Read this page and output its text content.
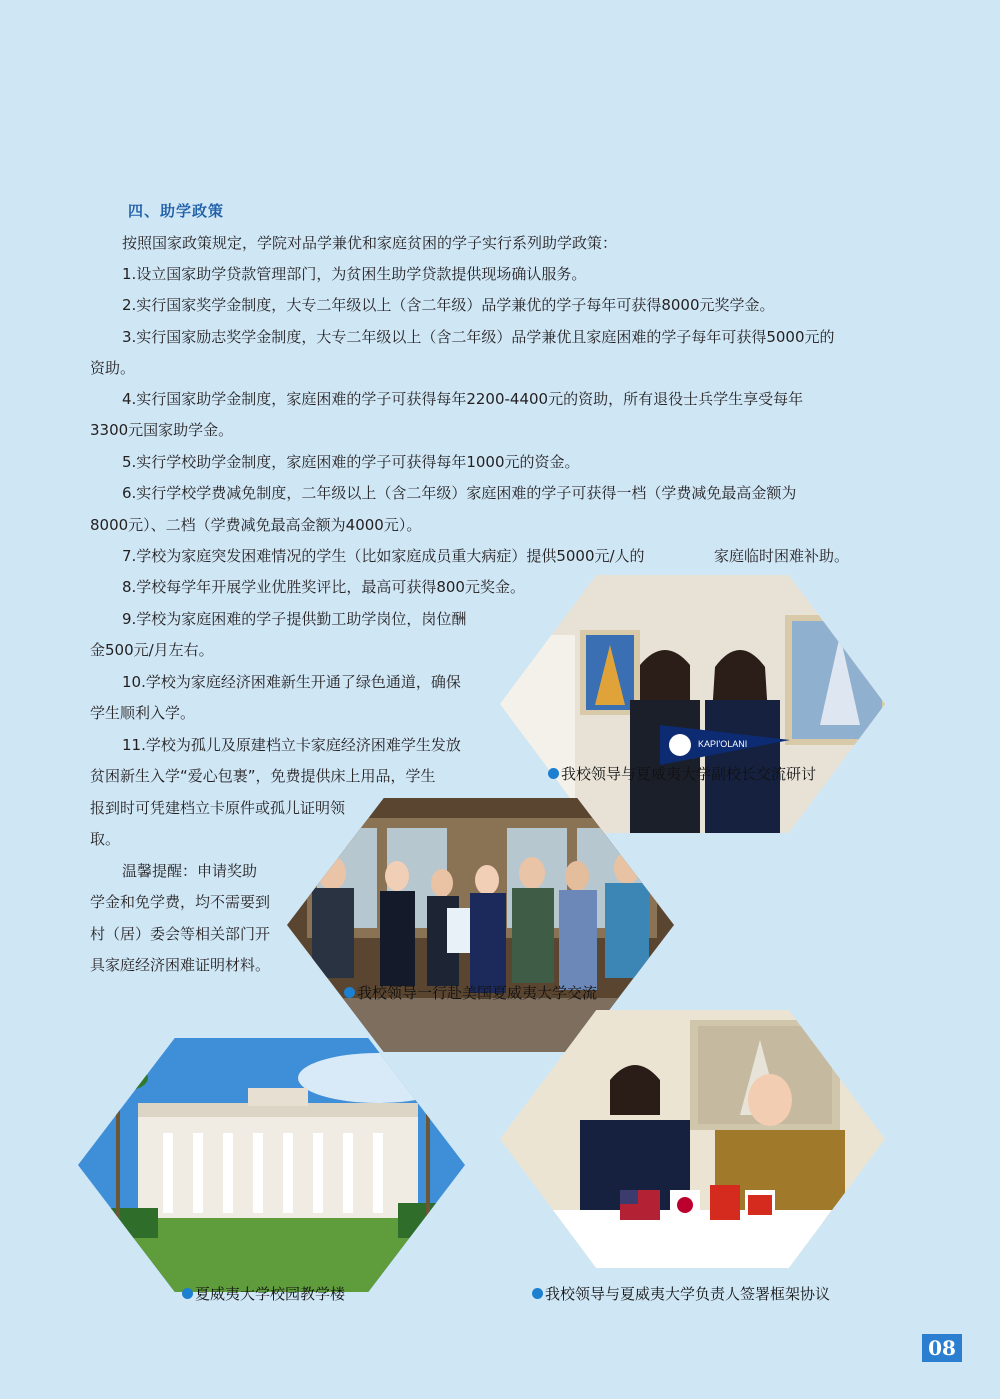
四、助学政策
按照国家政策规定，学院对品学兼优和家庭贫困的学子实行系列助学政策：
1.设立国家助学贷款管理部门，为贫困生助学贷款提供现场确认服务。
2.实行国家奖学金制度，大专二年级以上（含二年级）品学兼优的学子每年可获得8000元奖学金。
3.实行国家励志奖学金制度，大专二年级以上（含二年级）品学兼优且家庭困难的学子每年可获得5000元的
资助。
4.实行国家助学金制度，家庭困难的学子可获得每年2200-4400元的资助，所有退役士兵学生享受每年
3300元国家助学金。
5.实行学校助学金制度，家庭困难的学子可获得每年1000元的资金。
6.实行学校学费减免制度，二年级以上（含二年级）家庭困难的学子可获得一档（学费减免最高金额为
8000元）、二档（学费减免最高金额为4000元）。
7.学校为家庭突发困难情况的学生（比如家庭成员重大病症）提供5000元/人的	家庭临时困难补助。
8.学校每学年开展学业优胜奖评比，最高可获得800元奖金。
9.学校为家庭困难的学子提供勤工助学岗位，岗位酬
金500元/月左右。
10.学校为家庭经济困难新生开通了绿色通道，确保
学生顺利入学。
11.学校为孤儿及原建档立卡家庭经济困难学生发放
贫困新生入学“爱心包裹”，免费提供床上用品，学生
报到时可凭建档立卡原件或孤儿证明领
取。
温馨提醒：申请奖助
学金和免学费，均不需要到
村（居）委会等相关部门开
具家庭经济困难证明材料。
KAPI'OLANI
我校领导与夏威夷大学副校长交流研讨
我校领导一行赴美国夏威夷大学交流
夏威夷大学校园教学楼	我校领导与夏威夷大学负责人签署框架协议
08
